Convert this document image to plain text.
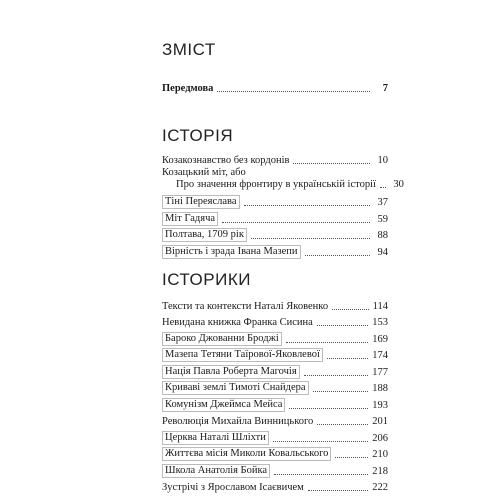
ЗМІСТ
Передмова	7
ІСТОРІЯ
Козакознавство без кордонів	10
Козацький міт, або
Про значення фронтиру в українській історії	30
Тіні Переяслава	37
Міт Гадяча	59
Полтава, 1709 рік	88
Вірність і зрада Івана Мазепи	94
ІСТОРИКИ
Тексти та контексти Наталі Яковенко	114
Невидана книжка Франка Сисина	153
Бароко Джованни Броджі	169
Мазепа Тетяни Таїрової-Яковлевої	174
Нація Павла Роберта Магочія	177
Криваві землі Тимоті Снайдера	188
Комунізм Джеймса Мейса	193
Революція Михайла Винницького	201
Церква Наталі Шліхти	206
Життєва місія Миколи Ковальського	210
Школа Анатолія Бойка	218
Зустрічі з Ярославом Ісаєвичем	222
